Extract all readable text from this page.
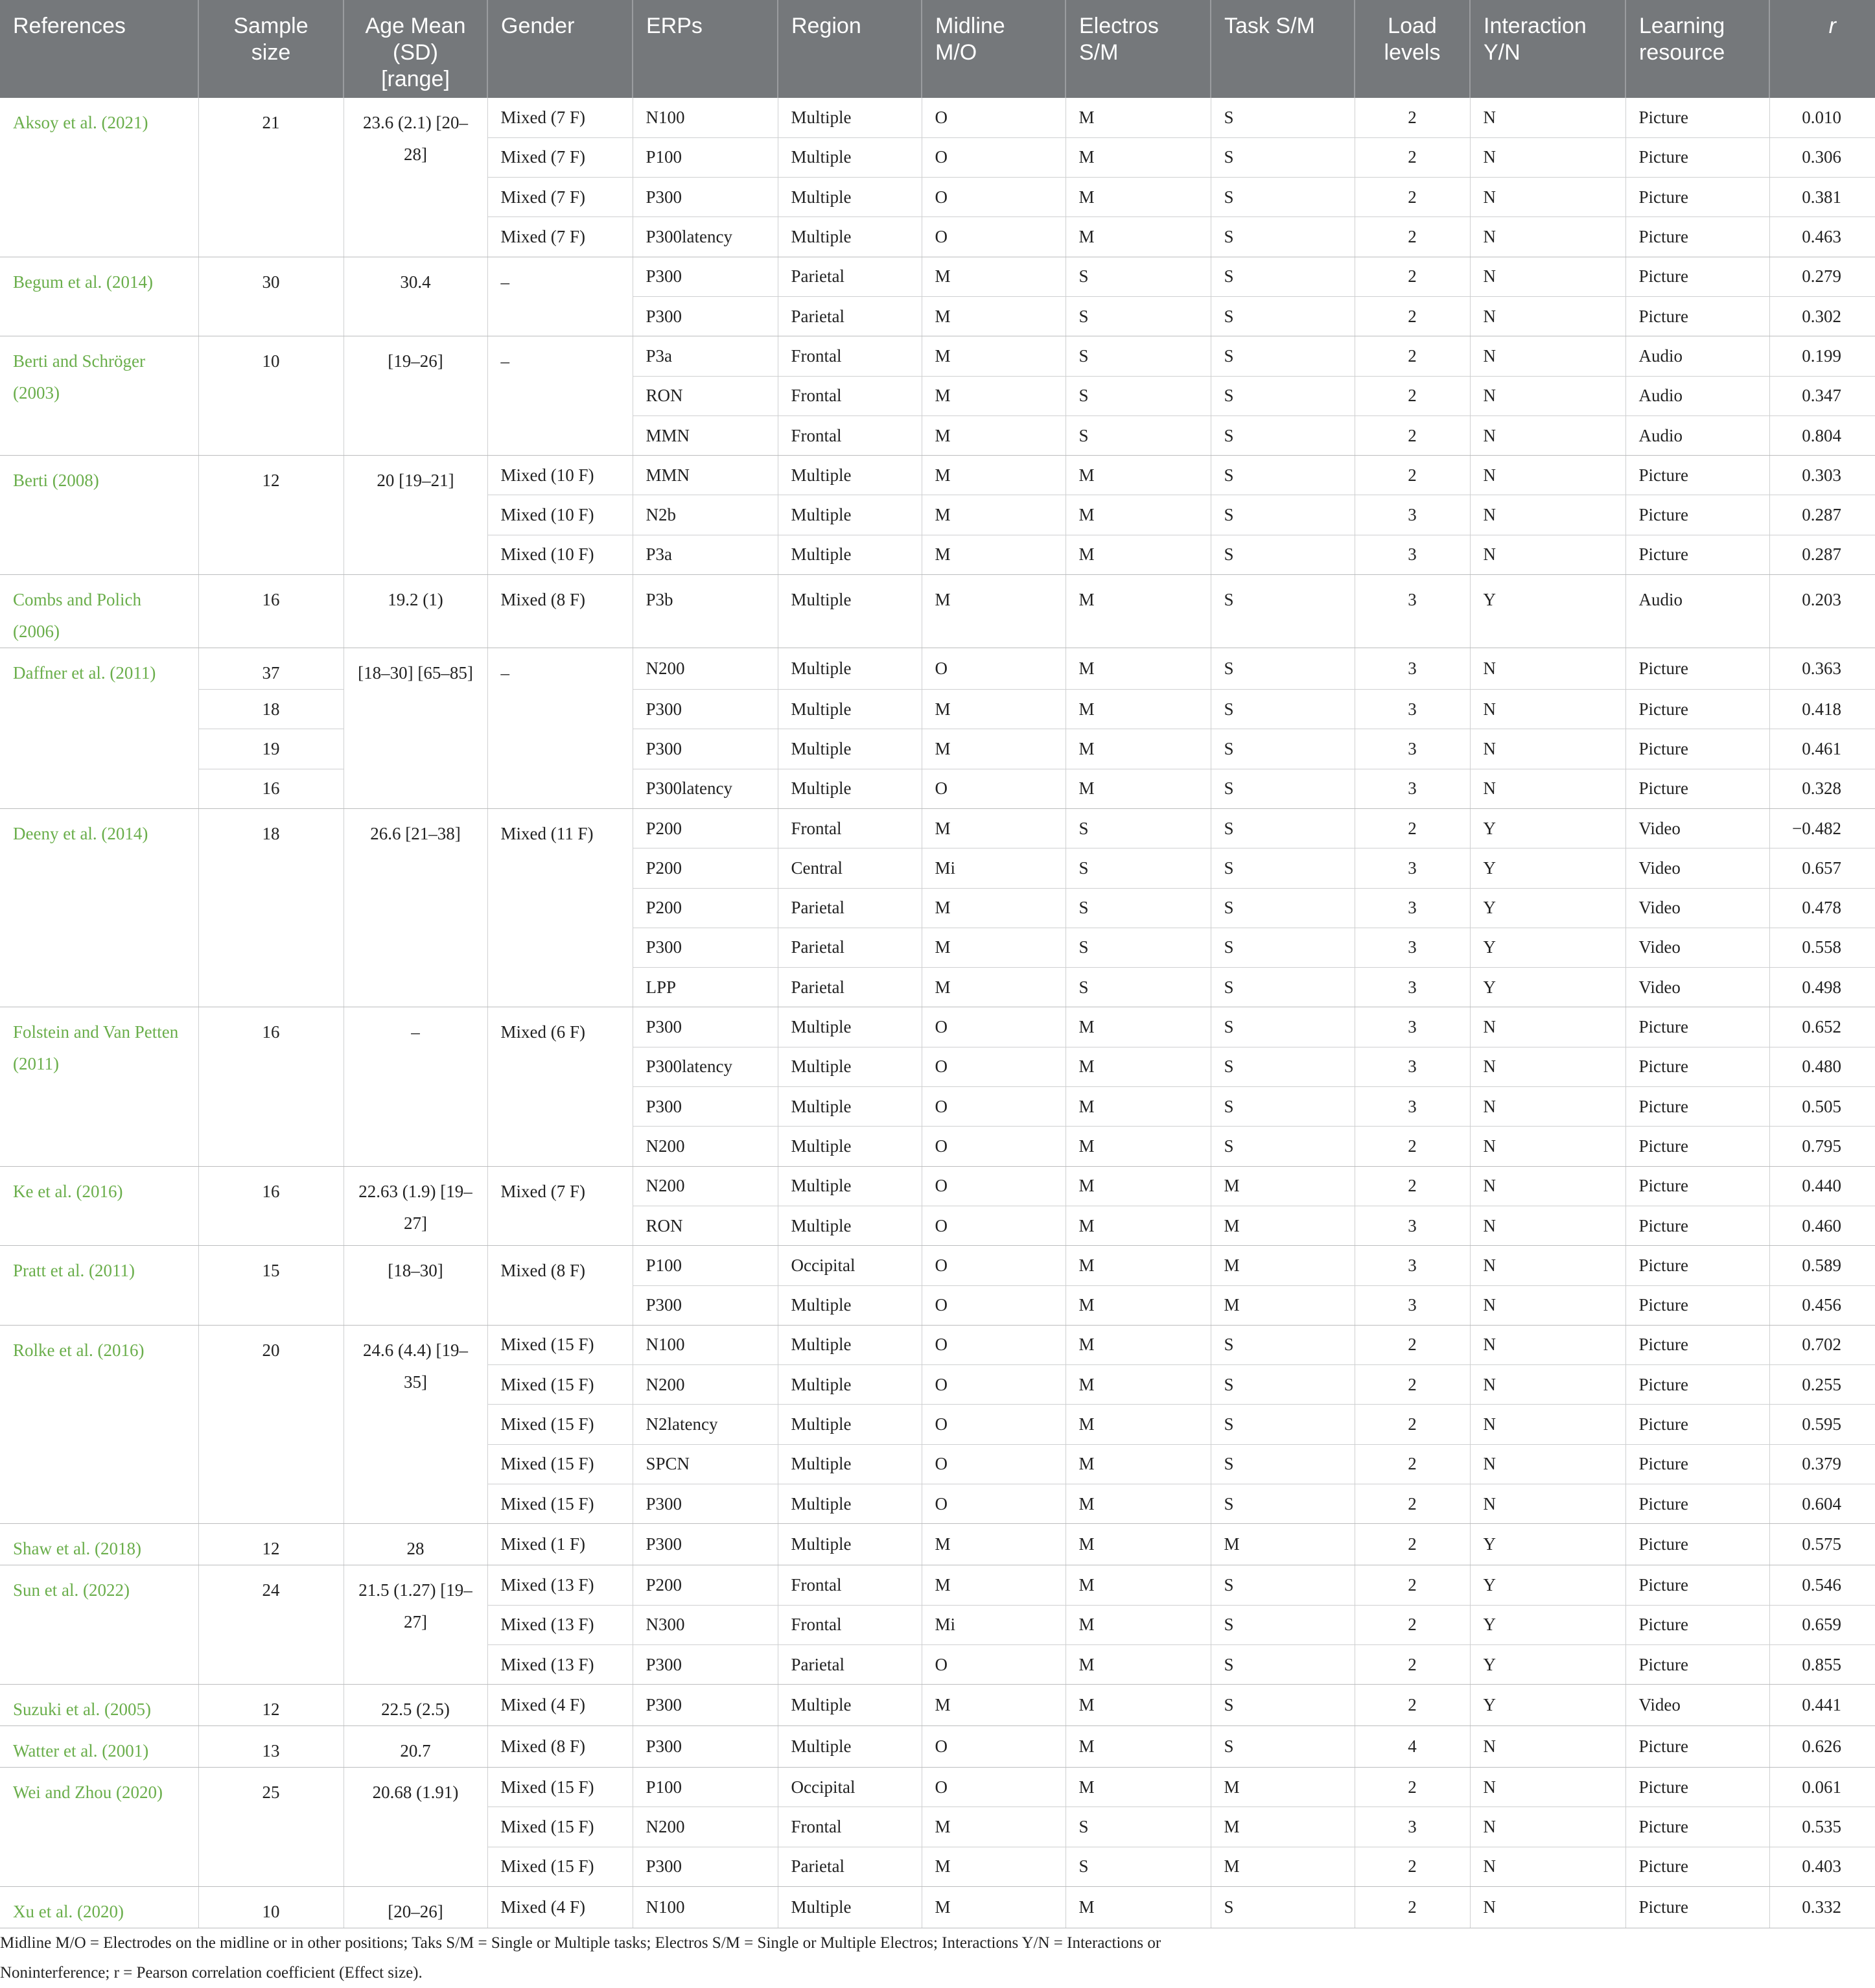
References	Sample size	Age Mean (SD) [range]	Gender	ERPs	Region	Midline M/O	Electros S/M	Task S/M	Load levels	Interaction Y/N	Learning resource	r
Aksoy et al. (2021)	21	23.6 (2.1) [20–28]	Mixed (7 F)	N100	Multiple	O	M	S	2	N	Picture	0.010
			Mixed (7 F)	P100	Multiple	O	M	S	2	N	Picture	0.306
			Mixed (7 F)	P300	Multiple	O	M	S	2	N	Picture	0.381
			Mixed (7 F)	P300latency	Multiple	O	M	S	2	N	Picture	0.463
Begum et al. (2014)	30	30.4	–	P300	Parietal	M	S	S	2	N	Picture	0.279
				P300	Parietal	M	S	S	2	N	Picture	0.302
Berti and Schröger (2003)	10	[19–26]	–	P3a	Frontal	M	S	S	2	N	Audio	0.199
				RON	Frontal	M	S	S	2	N	Audio	0.347
				MMN	Frontal	M	S	S	2	N	Audio	0.804
Berti (2008)	12	20 [19–21]	Mixed (10 F)	MMN	Multiple	M	M	S	2	N	Picture	0.303
			Mixed (10 F)	N2b	Multiple	M	M	S	3	N	Picture	0.287
			Mixed (10 F)	P3a	Multiple	M	M	S	3	N	Picture	0.287
Combs and Polich (2006)	16	19.2 (1)	Mixed (8 F)	P3b	Multiple	M	M	S	3	Y	Audio	0.203
Daffner et al. (2011)	37	[18–30] [65–85]	–	N200	Multiple	O	M	S	3	N	Picture	0.363
	18			P300	Multiple	M	M	S	3	N	Picture	0.418
	19			P300	Multiple	M	M	S	3	N	Picture	0.461
	16			P300latency	Multiple	O	M	S	3	N	Picture	0.328
Deeny et al. (2014)	18	26.6 [21–38]	Mixed (11 F)	P200	Frontal	M	S	S	2	Y	Video	−0.482
				P200	Central	Mi	S	S	3	Y	Video	0.657
				P200	Parietal	M	S	S	3	Y	Video	0.478
				P300	Parietal	M	S	S	3	Y	Video	0.558
				LPP	Parietal	M	S	S	3	Y	Video	0.498
Folstein and Van Petten (2011)	16	–	Mixed (6 F)	P300	Multiple	O	M	S	3	N	Picture	0.652
				P300latency	Multiple	O	M	S	3	N	Picture	0.480
				P300	Multiple	O	M	S	3	N	Picture	0.505
				N200	Multiple	O	M	S	2	N	Picture	0.795
Ke et al. (2016)	16	22.63 (1.9) [19–27]	Mixed (7 F)	N200	Multiple	O	M	M	2	N	Picture	0.440
				RON	Multiple	O	M	M	3	N	Picture	0.460
Pratt et al. (2011)	15	[18–30]	Mixed (8 F)	P100	Occipital	O	M	M	3	N	Picture	0.589
				P300	Multiple	O	M	M	3	N	Picture	0.456
Rolke et al. (2016)	20	24.6 (4.4) [19–35]	Mixed (15 F)	N100	Multiple	O	M	S	2	N	Picture	0.702
			Mixed (15 F)	N200	Multiple	O	M	S	2	N	Picture	0.255
			Mixed (15 F)	N2latency	Multiple	O	M	S	2	N	Picture	0.595
			Mixed (15 F)	SPCN	Multiple	O	M	S	2	N	Picture	0.379
			Mixed (15 F)	P300	Multiple	O	M	S	2	N	Picture	0.604
Shaw et al. (2018)	12	28	Mixed (1 F)	P300	Multiple	M	M	M	2	Y	Picture	0.575
Sun et al. (2022)	24	21.5 (1.27) [19–27]	Mixed (13 F)	P200	Frontal	M	M	S	2	Y	Picture	0.546
			Mixed (13 F)	N300	Frontal	Mi	M	S	2	Y	Picture	0.659
			Mixed (13 F)	P300	Parietal	O	M	S	2	Y	Picture	0.855
Suzuki et al. (2005)	12	22.5 (2.5)	Mixed (4 F)	P300	Multiple	M	M	S	2	Y	Video	0.441
Watter et al. (2001)	13	20.7	Mixed (8 F)	P300	Multiple	O	M	S	4	N	Picture	0.626
Wei and Zhou (2020)	25	20.68 (1.91)	Mixed (15 F)	P100	Occipital	O	M	M	2	N	Picture	0.061
			Mixed (15 F)	N200	Frontal	M	S	M	3	N	Picture	0.535
			Mixed (15 F)	P300	Parietal	M	S	M	2	N	Picture	0.403
Xu et al. (2020)	10	[20–26]	Mixed (4 F)	N100	Multiple	M	M	S	2	N	Picture	0.332
Midline M/O = Electrodes on the midline or in other positions; Taks S/M = Single or Multiple tasks; Electros S/M = Single or Multiple Electros; Interactions Y/N = Interactions or Noninterference; r = Pearson correlation coefficient (Effect size).
